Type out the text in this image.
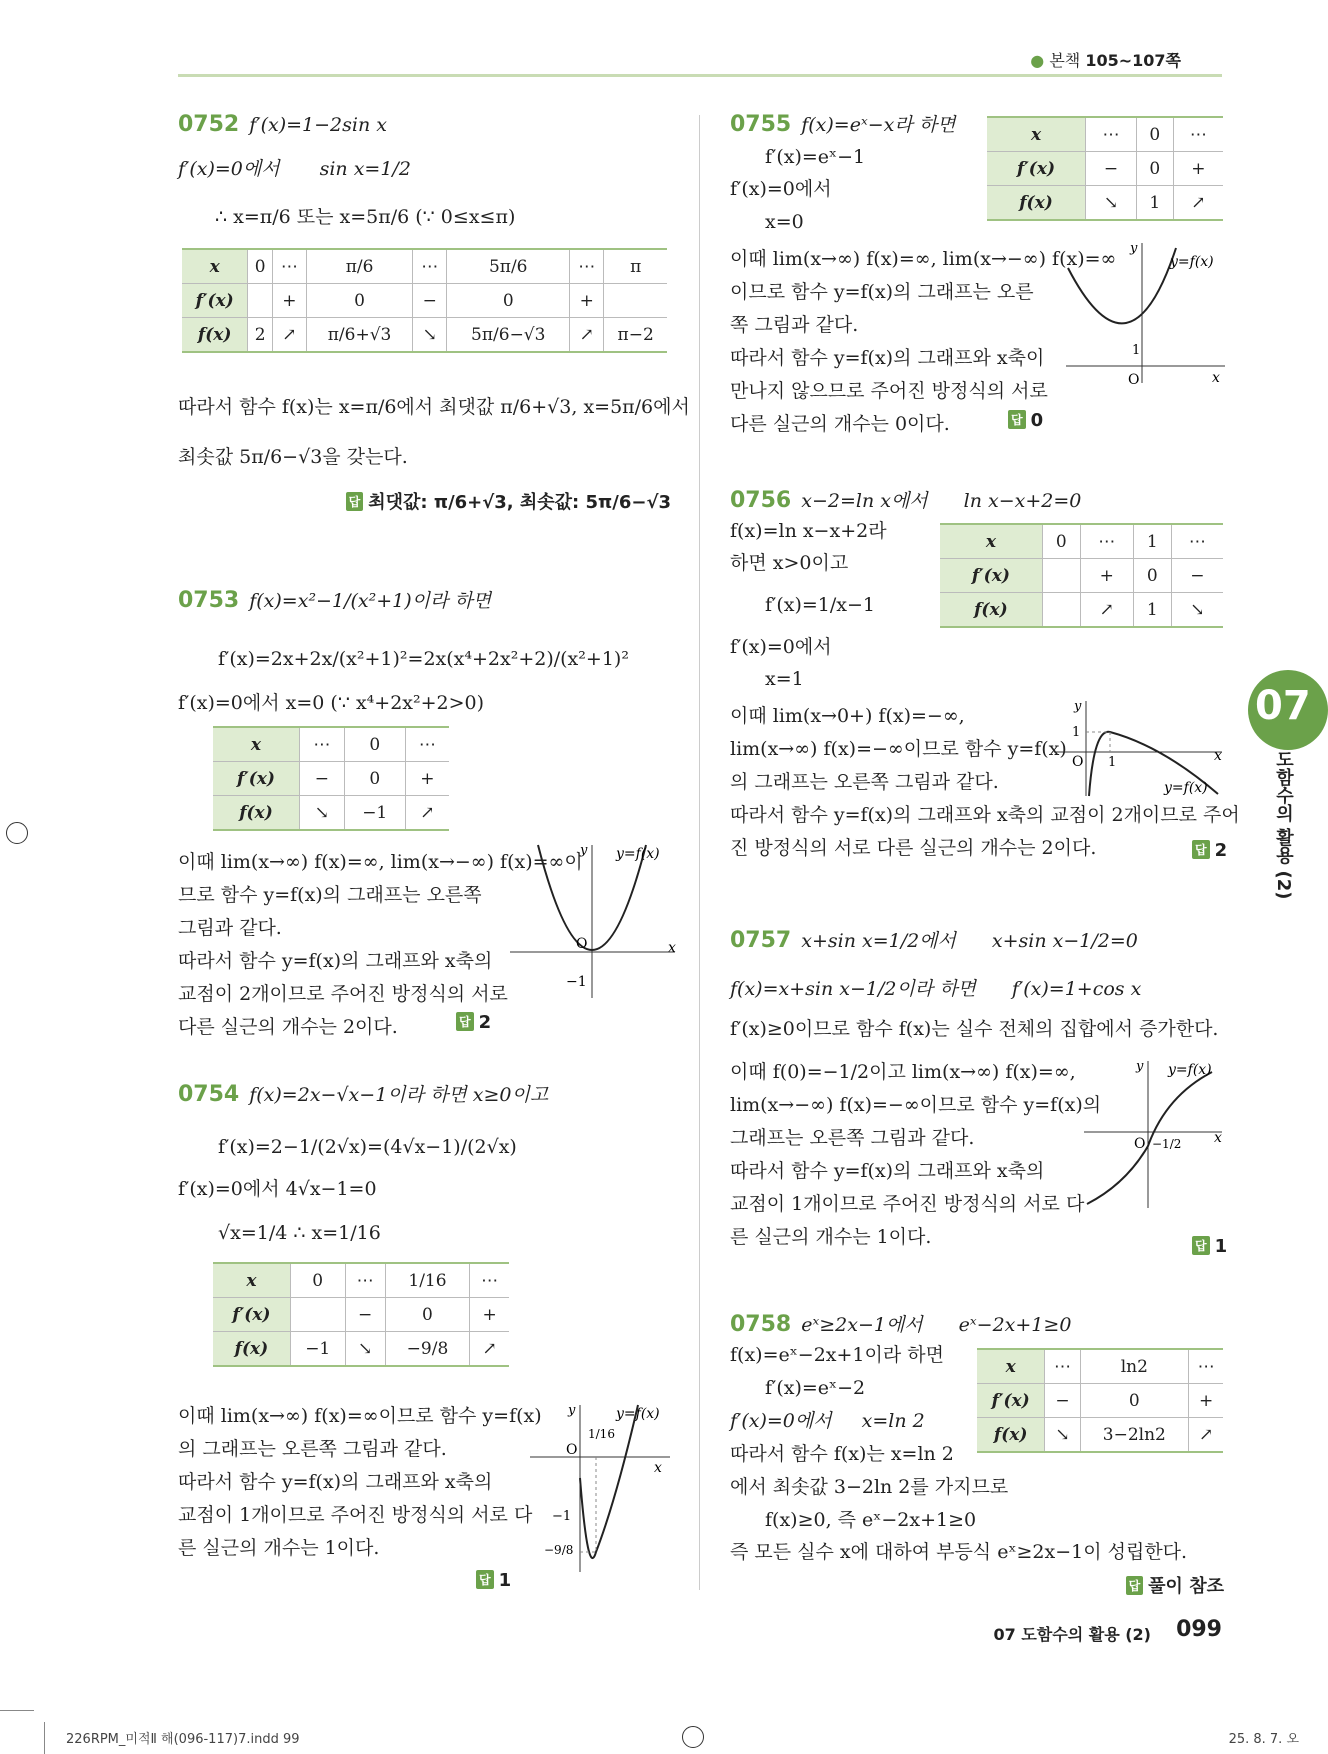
● 본책 105~107쪽
07
도함수의 활용 (2)
0752 f′(x)=1−2sin x
f′(x)=0에서 sin x=1/2
∴ x=π/6 또는 x=5π/6 (∵ 0≤x≤π)
x	0	⋯	π/6	⋯	5π/6	⋯	π
f′(x)		+	0	−	0	+	
f(x)	2	↗	π/6+√3	↘	5π/6−√3	↗	π−2
따라서 함수 f(x)는 x=π/6에서 최댓값 π/6+√3, x=5π/6에서
최솟값 5π/6−√3을 갖는다.
답 최댓값: π/6+√3, 최솟값: 5π/6−√3
0753 f(x)=x²−1/(x²+1)이라 하면
f′(x)=2x+2x/(x²+1)²=2x(x⁴+2x²+2)/(x²+1)²
f′(x)=0에서 x=0 (∵ x⁴+2x²+2>0)
x	⋯	0	⋯
f′(x)	−	0	+
f(x)	↘	−1	↗
이때 lim(x→∞) f(x)=∞, lim(x→−∞) f(x)=∞이
므로 함수 y=f(x)의 그래프는 오른쪽
그림과 같다.
따라서 함수 y=f(x)의 그래프와 x축의
교점이 2개이므로 주어진 방정식의 서로
다른 실근의 개수는 2이다.	답 2
y
x
O
−1
y=f(x)
0754 f(x)=2x−√x−1이라 하면 x≥0이고
f′(x)=2−1/(2√x)=(4√x−1)/(2√x)
f′(x)=0에서 4√x−1=0
√x=1/4 ∴ x=1/16
x	0	⋯	1/16	⋯
f′(x)		−	0	+
f(x)	−1	↘	−9/8	↗
이때 lim(x→∞) f(x)=∞이므로 함수 y=f(x)
의 그래프는 오른쪽 그림과 같다.
따라서 함수 y=f(x)의 그래프와 x축의
교점이 1개이므로 주어진 방정식의 서로 다
른 실근의 개수는 1이다.
답 1
y
x
O
1/16
−1
−9/8
y=f(x)
0755 f(x)=eˣ−x라 하면
f′(x)=eˣ−1
f′(x)=0에서
x=0
x	⋯	0	⋯
f′(x)	−	0	+
f(x)	↘	1	↗
이때 lim(x→∞) f(x)=∞, lim(x→−∞) f(x)=∞
이므로 함수 y=f(x)의 그래프는 오른
쪽 그림과 같다.
따라서 함수 y=f(x)의 그래프와 x축이
만나지 않으므로 주어진 방정식의 서로
다른 실근의 개수는 0이다.	답 0
y
x
O
1
y=f(x)
0756 x−2=ln x에서 ln x−x+2=0
f(x)=ln x−x+2라
하면 x>0이고
f′(x)=1/x−1
f′(x)=0에서
x=1
x	0	⋯	1	⋯
f′(x)		+	0	−
f(x)		↗	1	↘
이때 lim(x→0+) f(x)=−∞,
lim(x→∞) f(x)=−∞이므로 함수 y=f(x)
의 그래프는 오른쪽 그림과 같다.
따라서 함수 y=f(x)의 그래프와 x축의 교점이 2개이므로 주어
진 방정식의 서로 다른 실근의 개수는 2이다.	답 2
y
x
O 1
1
y=f(x)
0757 x+sin x=1/2에서 x+sin x−1/2=0
f(x)=x+sin x−1/2이라 하면 f′(x)=1+cos x
f′(x)≥0이므로 함수 f(x)는 실수 전체의 집합에서 증가한다.
이때 f(0)=−1/2이고 lim(x→∞) f(x)=∞,
lim(x→−∞) f(x)=−∞이므로 함수 y=f(x)의
그래프는 오른쪽 그림과 같다.
따라서 함수 y=f(x)의 그래프와 x축의
교점이 1개이므로 주어진 방정식의 서로 다
른 실근의 개수는 1이다.	답 1
y
x
O −1/2
y=f(x)
0758 eˣ≥2x−1에서 eˣ−2x+1≥0
f(x)=eˣ−2x+1이라 하면
f′(x)=eˣ−2
f′(x)=0에서 x=ln 2
따라서 함수 f(x)는 x=ln 2
에서 최솟값 3−2ln 2를 가지므로
f(x)≥0, 즉 eˣ−2x+1≥0
즉 모든 실수 x에 대하여 부등식 eˣ≥2x−1이 성립한다.
x	⋯	ln2	⋯
f′(x)	−	0	+
f(x)	↘	3−2ln2	↗
답 풀이 참조
07 도함수의 활용 (2) 099
226RPM_미적Ⅱ 해(096-117)7.indd 99	25. 8. 7. 오
